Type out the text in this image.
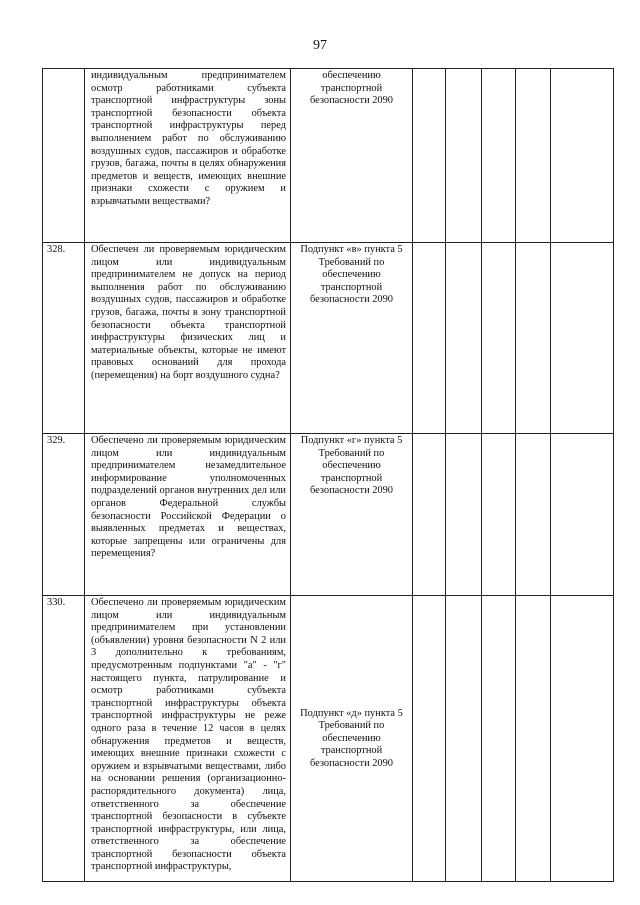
97

	индивидуальным предпринимателем осмотр работниками субъекта транспортной инфраструктуры зоны транспортной безопасности объекта транспортной инфраструктуры перед выполнением работ по обслуживанию воздушных судов, пассажиров и обработке грузов, багажа, почты в целях обнаружения предметов и веществ, имеющих внешние признаки схожести с оружием и взрывчатыми веществами?	обеспечению транспортной безопасности 2090					
328.	Обеспечен ли проверяемым юридическим лицом или индивидуальным предпринимателем не допуск на период выполнения работ по обслуживанию воздушных судов, пассажиров и обработке грузов, багажа, почты в зону транспортной безопасности объекта транспортной инфраструктуры физических лиц и материальные объекты, которые не имеют правовых оснований для прохода (перемещения) на борт воздушного судна?	Подпункт «в» пункта 5 Требований по обеспечению транспортной безопасности 2090					
329.	Обеспечено ли проверяемым юридическим лицом или индивидуальным предпринимателем незамедлительное информирование уполномоченных подразделений органов внутренних дел или органов Федеральной службы безопасности Российской Федерации о выявленных предметах и веществах, которые запрещены или ограничены для перемещения?	Подпункт «г» пункта 5 Требований по обеспечению транспортной безопасности 2090					
330.	Обеспечено ли проверяемым юридическим лицом или индивидуальным предпринимателем при установлении (объявлении) уровня безопасности N 2 или 3 дополнительно к требованиям, предусмотренным подпунктами "а" - "г" настоящего пункта, патрулирование и осмотр работниками субъекта транспортной инфраструктуры объекта транспортной инфраструктуры не реже одного раза в течение 12 часов в целях обнаружения предметов и веществ, имеющих внешние признаки схожести с оружием и взрывчатыми веществами, либо на основании решения (организационно-распорядительного документа) лица, ответственного за обеспечение транспортной безопасности в субъекте транспортной инфраструктуры, или лица, ответственного за обеспечение транспортной безопасности объекта транспортной инфраструктуры,	Подпункт «д» пункта 5 Требований по обеспечению транспортной безопасности 2090					
